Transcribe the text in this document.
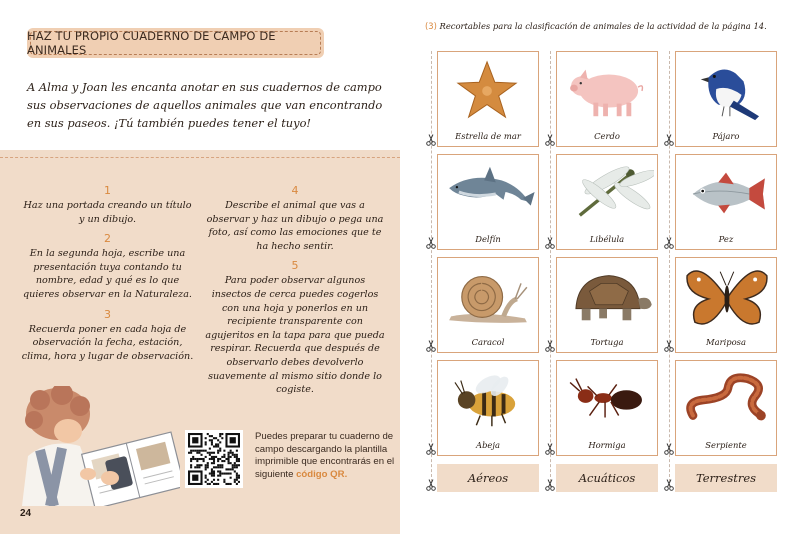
HAZ TU PROPIO CUADERNO DE CAMPO DE ANIMALES

A Alma y Joan les encanta anotar en sus cuadernos de campo sus observaciones de aquellos animales que van encontrando en sus paseos. ¡Tú también puedes tener el tuyo!

1
Haz una portada creando un título y un dibujo.
2
En la segunda hoja, escribe una presentación tuya contando tu nombre, edad y qué es lo que quieres observar en la Naturaleza.
3
Recuerda poner en cada hoja de observación la fecha, estación, clima, hora y lugar de observación.
4
Describe el animal que vas a observar y haz un dibujo o pega una foto, así como las emociones que te ha hecho sentir.
5
Para poder observar algunos insectos de cerca puedes cogerlos con una hoja y ponerlos en un recipiente transparente con agujeritos en la tapa para que pueda respirar. Recuerda que después de observarlo debes devolverlo suavemente al mismo sitio donde lo cogiste.

Puedes preparar tu cuaderno de campo descargando la plantilla imprimible que encontrarás en el siguiente código QR.

24

(3) Recortables para la clasificación de animales de la actividad de la página 14.

Estrella de mar	Cerdo	Pájaro
Delfín	Libélula	Pez
Caracol	Tortuga	Mariposa
Abeja	Hormiga	Serpiente
Aéreos	Acuáticos	Terrestres
